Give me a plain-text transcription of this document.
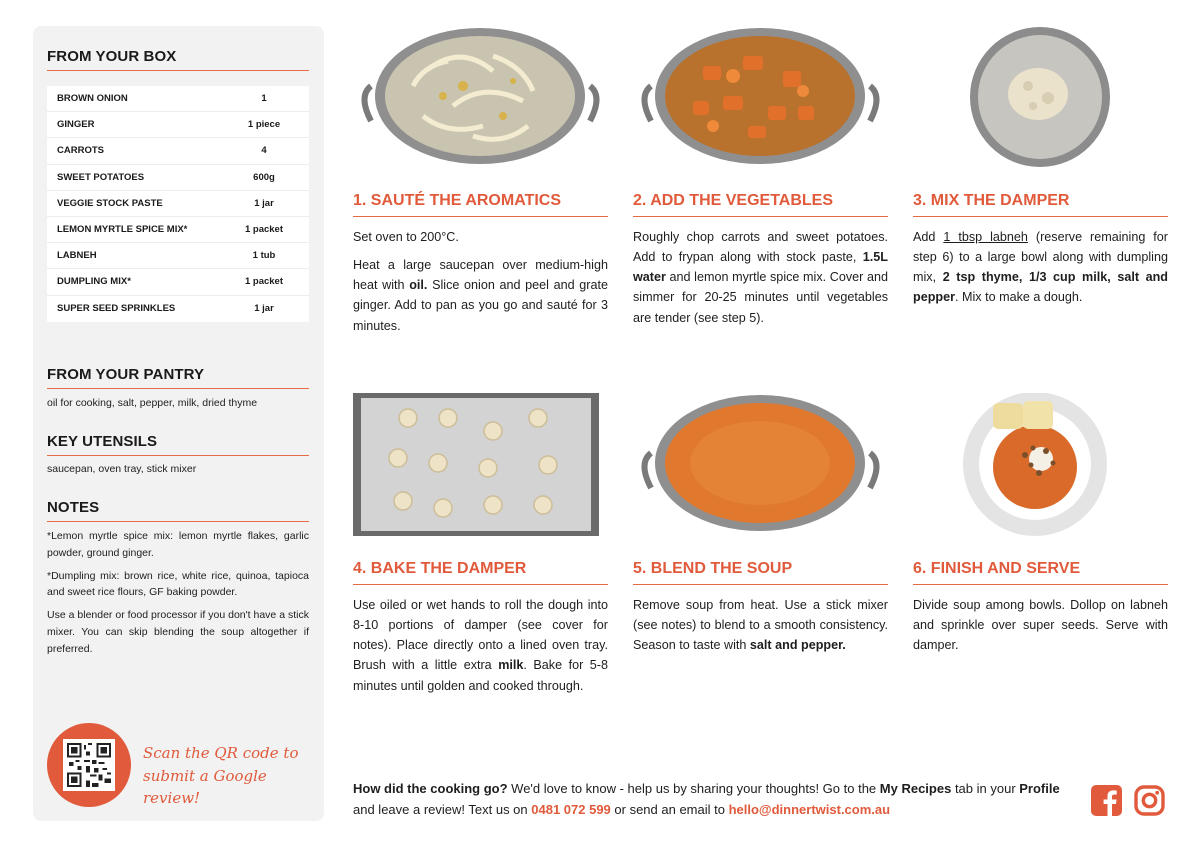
FROM YOUR BOX
BROWN ONION	1
GINGER	1 piece
CARROTS	4
SWEET POTATOES	600g
VEGGIE STOCK PASTE	1 jar
LEMON MYRTLE SPICE MIX*	1 packet
LABNEH	1 tub
DUMPLING MIX*	1 packet
SUPER SEED SPRINKLES	1 jar
FROM YOUR PANTRY
oil for cooking, salt, pepper, milk, dried thyme
KEY UTENSILS
saucepan, oven tray, stick mixer
NOTES

*Lemon myrtle spice mix: lemon myrtle flakes, garlic powder, ground ginger.

*Dumpling mix: brown rice, white rice, quinoa, tapioca and sweet rice flours, GF baking powder.

Use a blender or food processor if you don't have a stick mixer. You can skip blending the soup altogether if preferred.

Scan the QR code to
submit a Google review!
1. SAUTÉ THE AROMATICS	2. ADD THE VEGETABLES	3. MIX THE DAMPER
4. BAKE THE DAMPER	5. BLEND THE SOUP	6. FINISH AND SERVE

Set oven to 200°C.

Heat a large saucepan over medium-high heat with oil. Slice onion and peel and grate ginger. Add to pan as you go and sauté for 3 minutes.

Roughly chop carrots and sweet potatoes. Add to frypan along with stock paste, 1.5L water and lemon myrtle spice mix. Cover and simmer for 20-25 minutes until vegetables are tender (see step 5).

Add 1 tbsp labneh (reserve remaining for step 6) to a large bowl along with dumpling mix, 2 tsp thyme, 1/3 cup milk, salt and pepper. Mix to make a dough.

Use oiled or wet hands to roll the dough into 8-10 portions of damper (see cover for notes). Place directly onto a lined oven tray. Brush with a little extra milk. Bake for 5-8 minutes until golden and cooked through.

Remove soup from heat. Use a stick mixer (see notes) to blend to a smooth consistency. Season to taste with salt and pepper.

Divide soup among bowls. Dollop on labneh and sprinkle over super seeds. Serve with damper.

How did the cooking go? We'd love to know - help us by sharing your thoughts! Go to the My Recipes tab in your Profile and leave a review! Text us on 0481 072 599 or send an email to hello@dinnertwist.com.au
